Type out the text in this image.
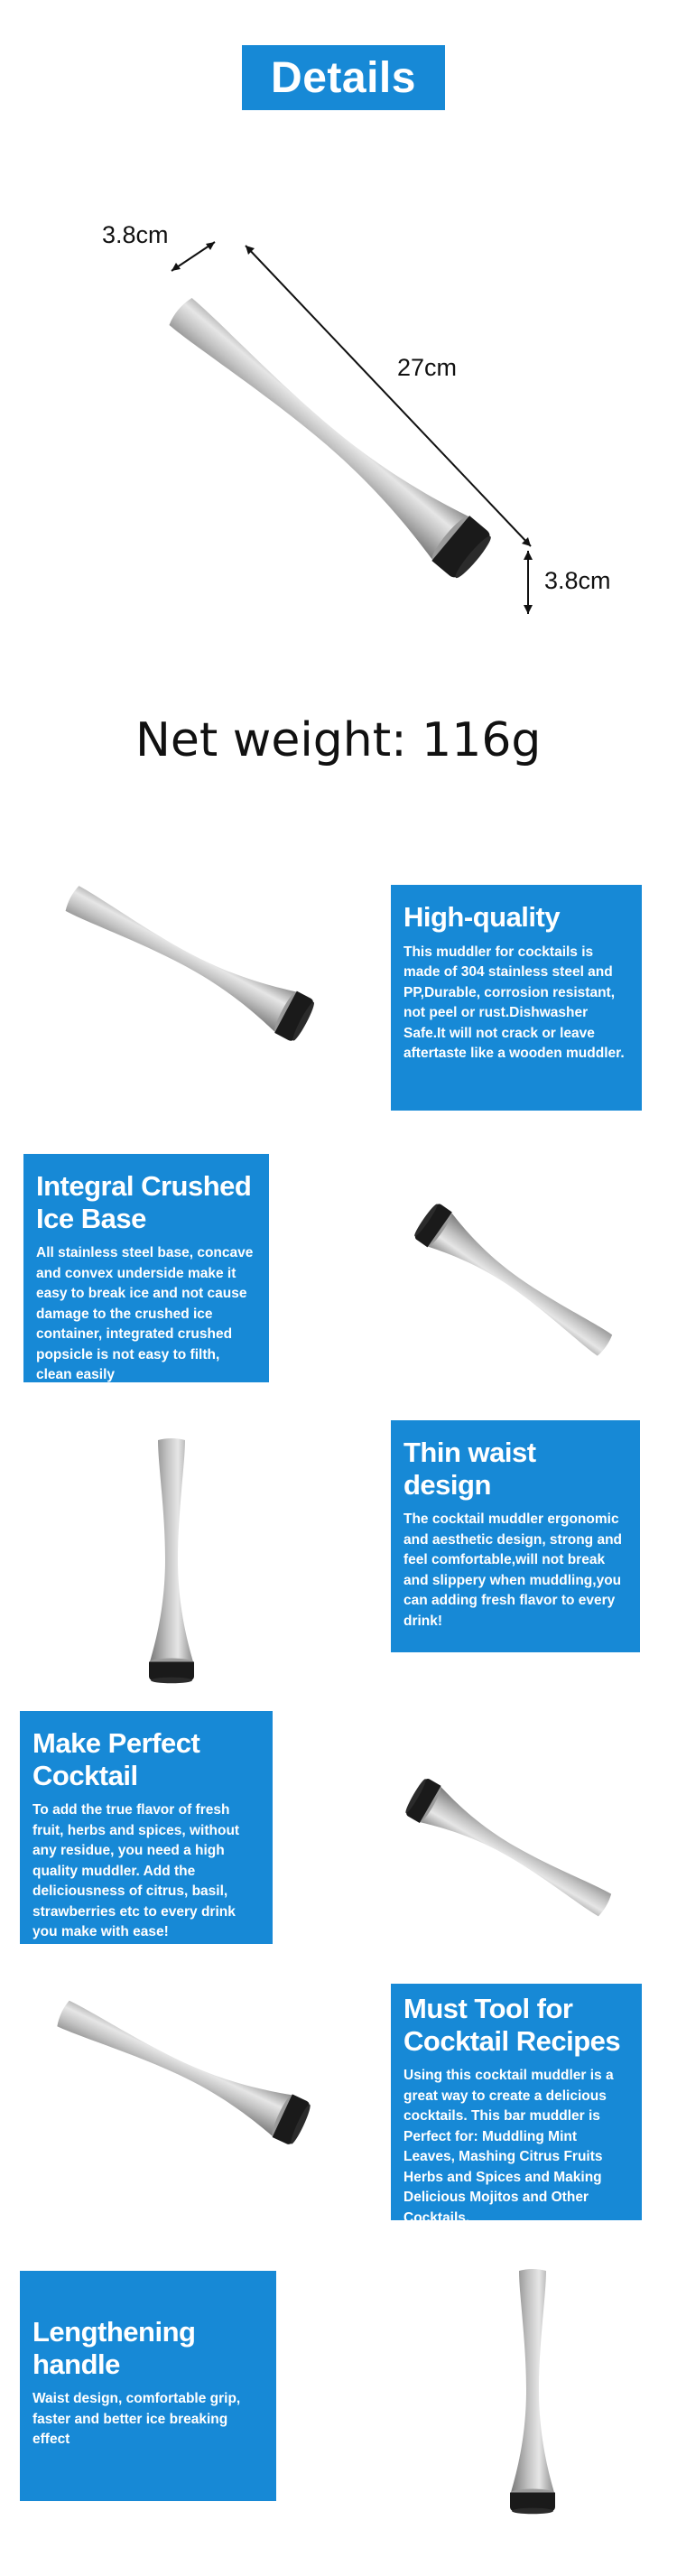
Details
3.8cm
27cm
3.8cm
Net weight: 116g
High-quality

This muddler for cocktails is made of 304 stainless steel and PP,Durable, corrosion resistant, not peel or rust.Dishwasher Safe.It will not crack or leave aftertaste like a wooden muddler.

Integral Crushed Ice Base

All stainless steel base, concave and convex underside make it easy to break ice and not cause damage to the crushed ice container, integrated crushed popsicle is not easy to filth, clean easily

Thin waist design

The cocktail muddler ergonomic and aesthetic design, strong and feel comfortable,will not break and slippery when muddling,you can adding fresh flavor to every drink!

Make Perfect Cocktail

To add the true flavor of fresh fruit, herbs and spices, without any residue, you need a high quality muddler. Add the deliciousness of citrus, basil, strawberries etc to every drink you make with ease!

Must Tool for Cocktail Recipes

Using this cocktail muddler is a great way to create a delicious cocktails. This bar muddler is Perfect for: Muddling Mint Leaves, Mashing Citrus Fruits Herbs and Spices and Making Delicious Mojitos and Other Cocktails.

Lengthening handle

Waist design, comfortable grip, faster and better ice breaking effect
